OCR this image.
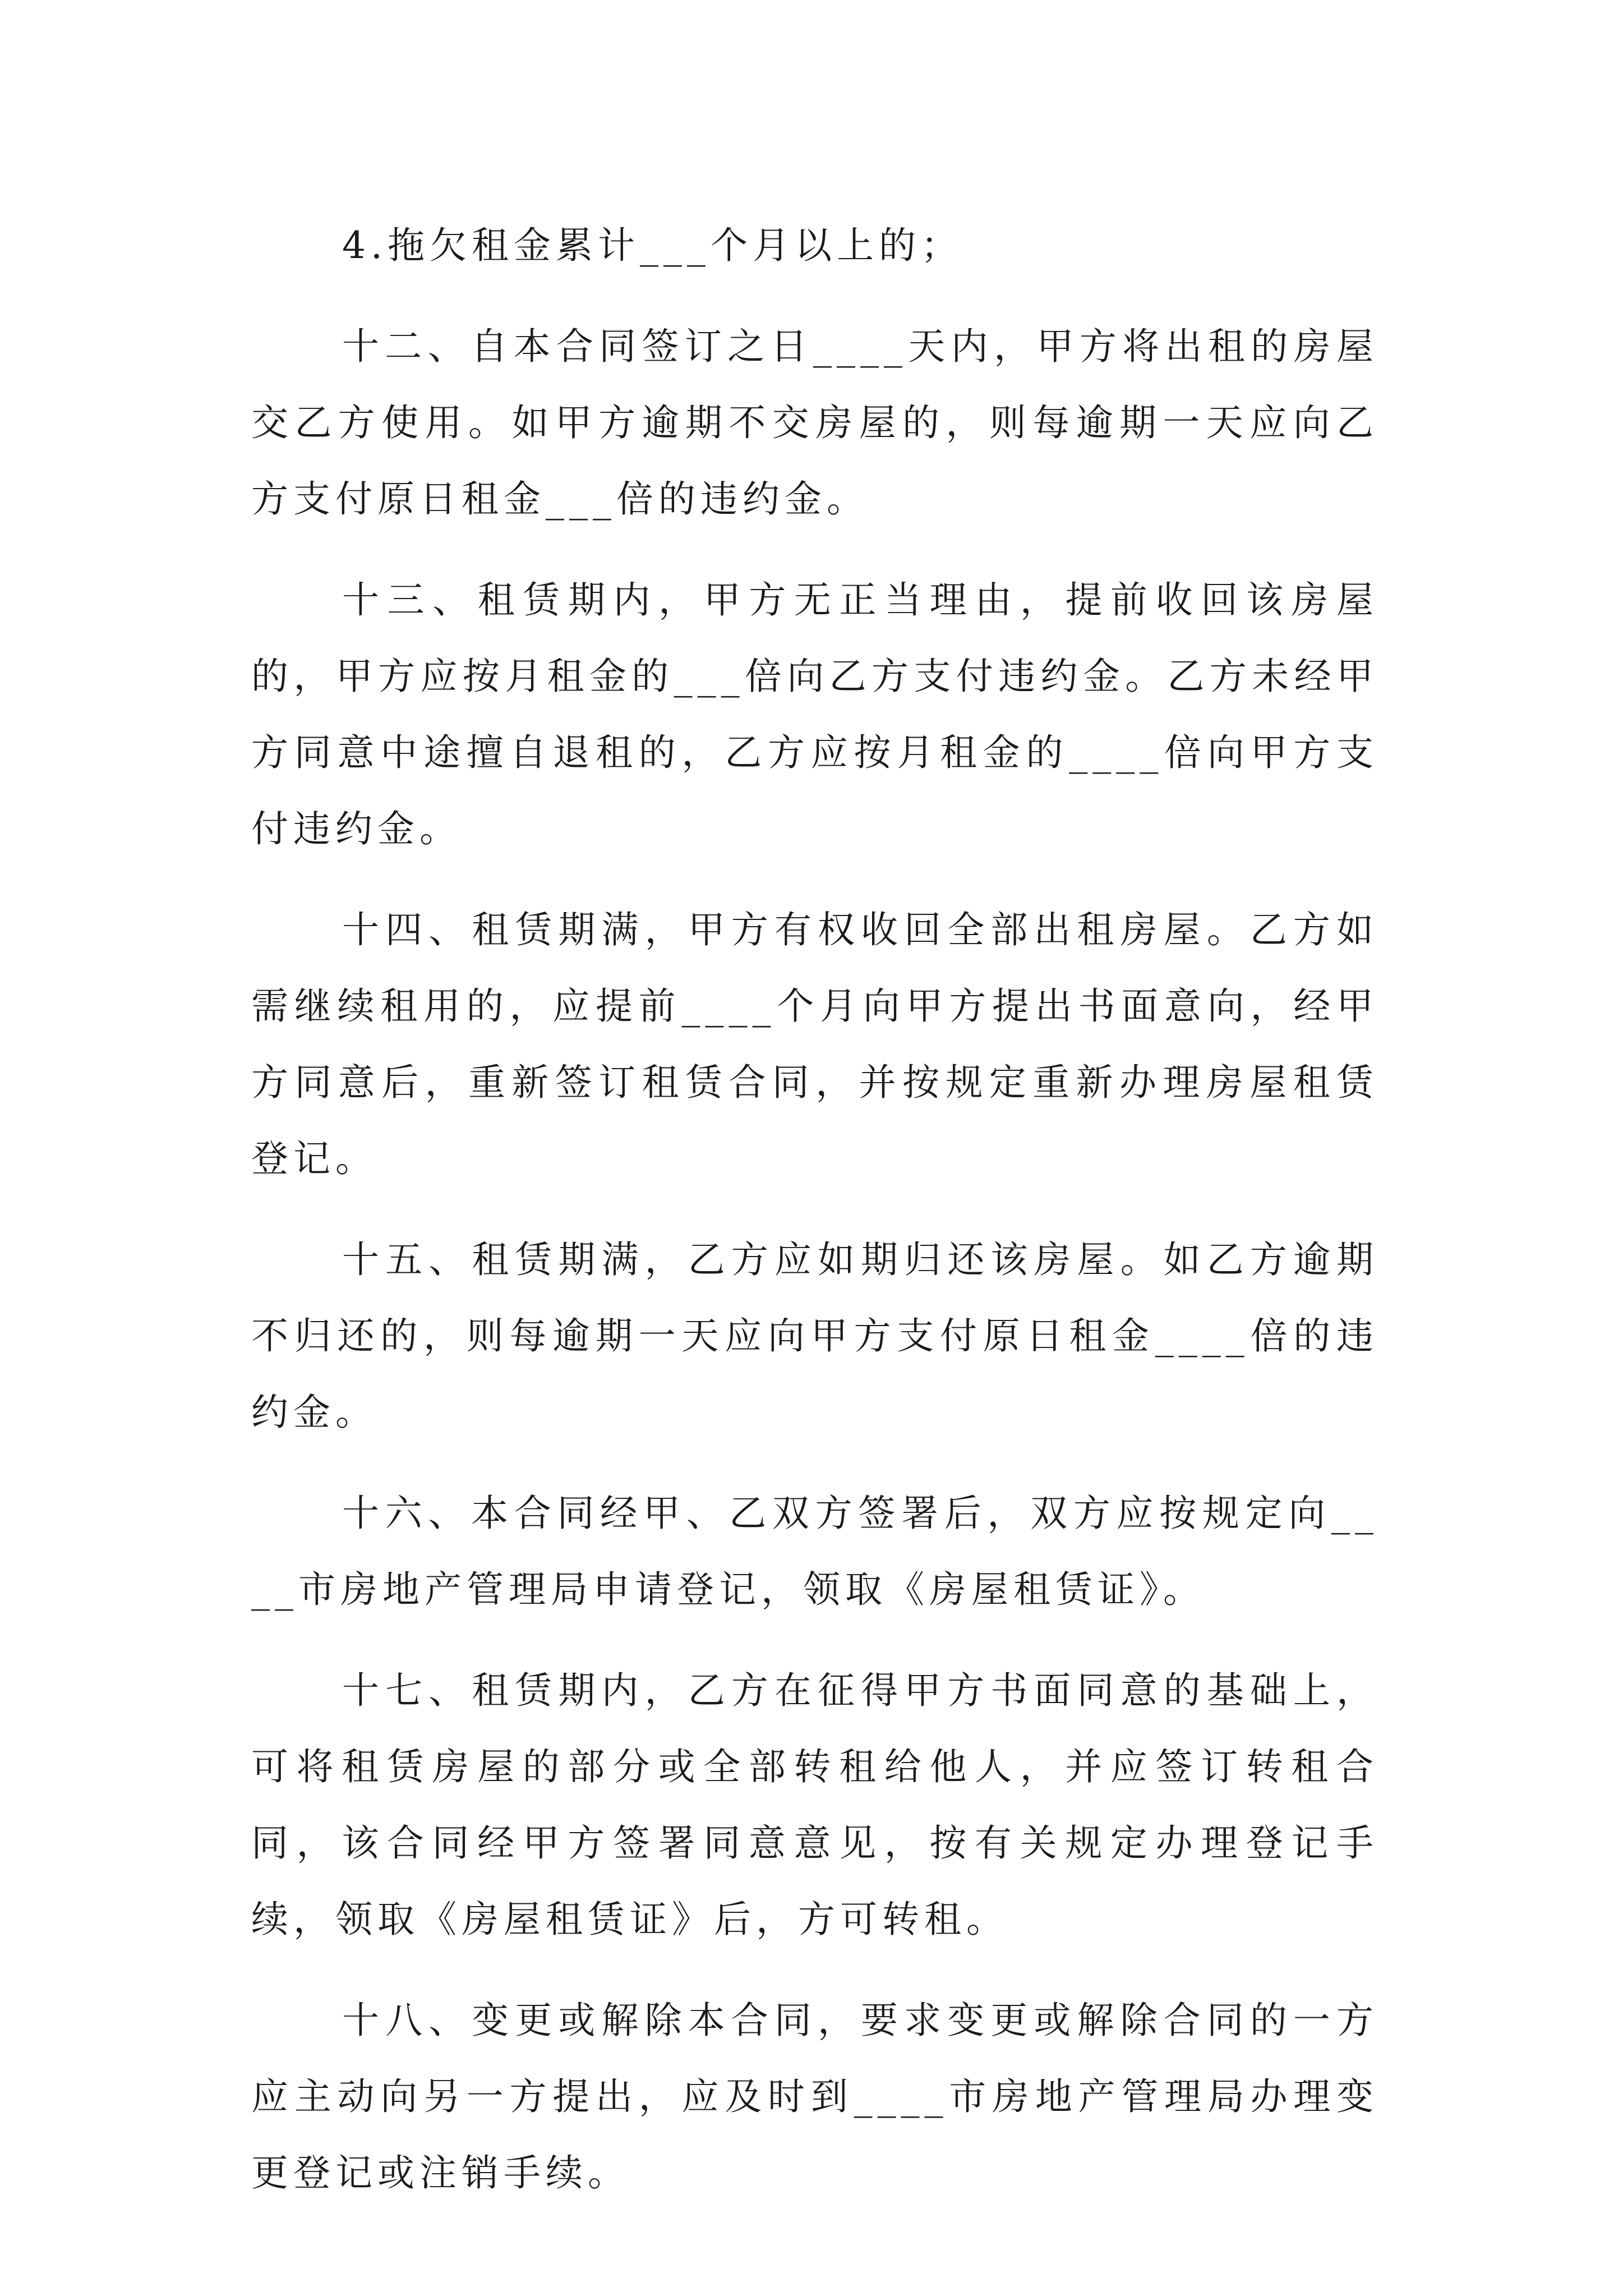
4.拖欠租金累计___个月以上的；

十二、自本合同签订之日____天内，甲方将出租的房屋交乙方使用。如甲方逾期不交房屋的，则每逾期一天应向乙方支付原日租金___倍的违约金。

十三、租赁期内，甲方无正当理由，提前收回该房屋的，甲方应按月租金的___倍向乙方支付违约金。乙方未经甲方同意中途擅自退租的，乙方应按月租金的____倍向甲方支付违约金。

十四、租赁期满，甲方有权收回全部出租房屋。乙方如需继续租用的，应提前____个月向甲方提出书面意向，经甲方同意后，重新签订租赁合同，并按规定重新办理房屋租赁登记。

十五、租赁期满，乙方应如期归还该房屋。如乙方逾期不归还的，则每逾期一天应向甲方支付原日租金____倍的违约金。

十六、本合同经甲、乙双方签署后，双方应按规定向____市房地产管理局申请登记，领取《房屋租赁证》。

十七、租赁期内，乙方在征得甲方书面同意的基础上，可将租赁房屋的部分或全部转租给他人，并应签订转租合同，该合同经甲方签署同意意见，按有关规定办理登记手续，领取《房屋租赁证》后，方可转租。

十八、变更或解除本合同，要求变更或解除合同的一方应主动向另一方提出，应及时到____市房地产管理局办理变更登记或注销手续。
